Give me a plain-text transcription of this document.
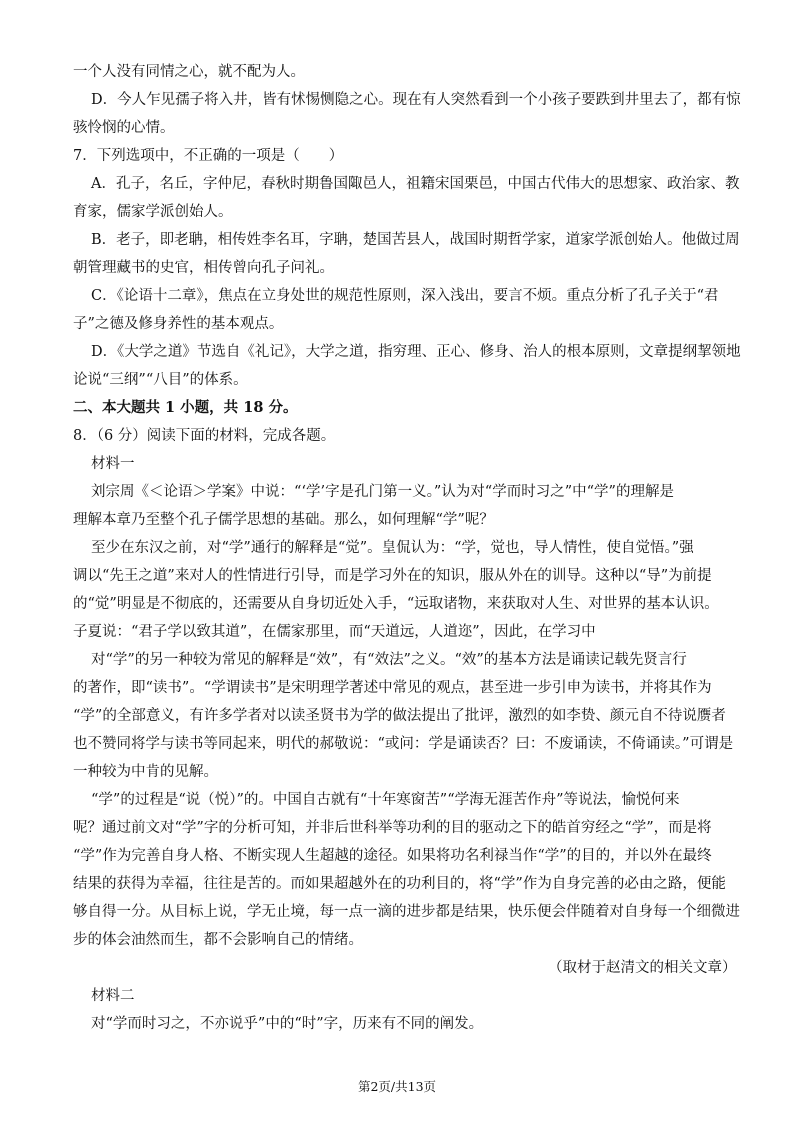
一个人没有同情之心，就不配为人。
D．今人乍见孺子将入井，皆有怵惕恻隐之心。现在有人突然看到一个小孩子要跌到井里去了，都有惊
骇怜悯的心情。
7．下列选项中，不正确的一项是（　　）
A．孔子，名丘，字仲尼，春秋时期鲁国陬邑人，祖籍宋国栗邑，中国古代伟大的思想家、政治家、教
育家，儒家学派创始人。
B．老子，即老聃，相传姓李名耳，字聃，楚国苦县人，战国时期哲学家，道家学派创始人。他做过周
朝管理藏书的史官，相传曾向孔子问礼。
C．《论语十二章》，焦点在立身处世的规范性原则，深入浅出，要言不烦。重点分析了孔子关于“君
子”之德及修身养性的基本观点。
D．《大学之道》节选自《礼记》，大学之道，指穷理、正心、修身、治人的根本原则，文章提纲挈领地
论说“三纲”“八目”的体系。
二、本大题共 1 小题，共 18 分。
8．（6 分）阅读下面的材料，完成各题。
材料一
刘宗周《＜论语＞学案》中说：“‘学’字是孔门第一义。”认为对“学而时习之”中“学”的理解是
理解本章乃至整个孔子儒学思想的基础。那么，如何理解“学”呢？
至少在东汉之前，对“学”通行的解释是“觉”。皇侃认为：“学，觉也，导人情性，使自觉悟。”强
调以“先王之道”来对人的性情进行引导，而是学习外在的知识，服从外在的训导。这种以“导”为前提
的“觉”明显是不彻底的，还需要从自身切近处入手，“远取诸物，来获取对人生、对世界的基本认识。
子夏说：“君子学以致其道”，在儒家那里，而“天道远，人道迩”，因此，在学习中
对“学”的另一种较为常见的解释是“效”，有“效法”之义。“效”的基本方法是诵读记载先贤言行
的著作，即“读书”。“学谓读书”是宋明理学著述中常见的观点，甚至进一步引申为读书，并将其作为
“学”的全部意义，有许多学者对以读圣贤书为学的做法提出了批评，激烈的如李贽、颜元自不待说赝者
也不赞同将学与读书等同起来，明代的郝敬说：“或问：学是诵读否？曰：不废诵读，不倚诵读。”可谓是
一种较为中肯的见解。
“学”的过程是“说（悦）”的。中国自古就有“十年寒窗苦”“学海无涯苦作舟”等说法，愉悦何来
呢？通过前文对“学”字的分析可知，并非后世科举等功利的目的驱动之下的皓首穷经之“学”，而是将
“学”作为完善自身人格、不断实现人生超越的途径。如果将功名利禄当作“学”的目的，并以外在最终
结果的获得为幸福，往往是苦的。而如果超越外在的功利目的，将“学”作为自身完善的必由之路，便能
够自得一分。从目标上说，学无止境，每一点一滴的进步都是结果，快乐便会伴随着对自身每一个细微进
步的体会油然而生，都不会影响自己的情绪。
（取材于赵清文的相关文章）
材料二
对“学而时习之，不亦说乎”中的“时”字，历来有不同的阐发。
第2页/共13页
